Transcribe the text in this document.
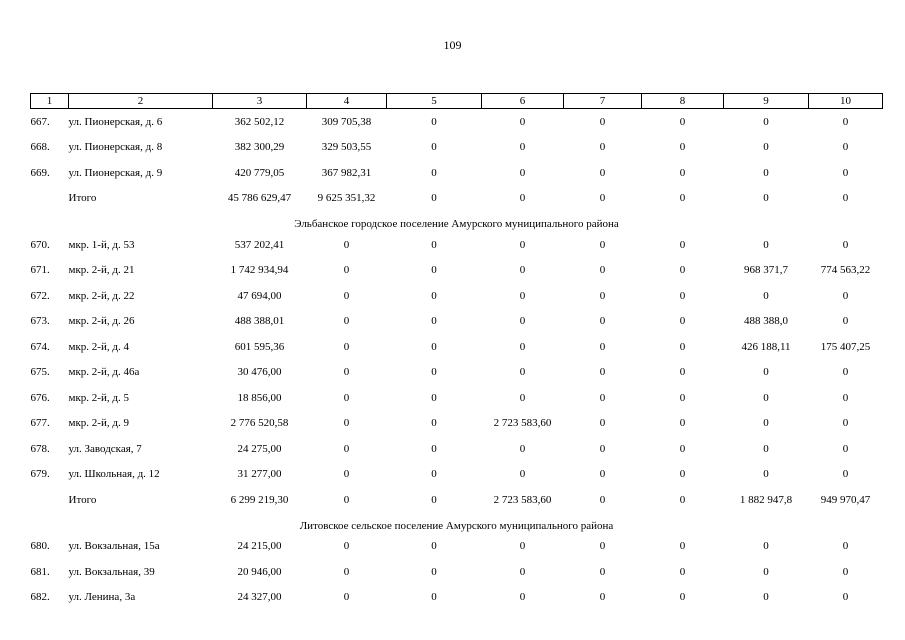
109
1	2	3	4	5	6	7	8	9	10
667.	ул. Пионерская, д. 6	362 502,12	309 705,38	0	0	0	0	0	0
668.	ул. Пионерская, д. 8	382 300,29	329 503,55	0	0	0	0	0	0
669.	ул. Пионерская, д. 9	420 779,05	367 982,31	0	0	0	0	0	0
	Итого	45 786 629,47	9 625 351,32	0	0	0	0	0	0
Эльбанское городское поселение Амурского муниципального района									
670.	мкр. 1-й, д. 53	537 202,41	0	0	0	0	0	0	0
671.	мкр. 2-й, д. 21	1 742 934,94	0	0	0	0	0	968 371,7	774 563,22
672.	мкр. 2-й, д. 22	47 694,00	0	0	0	0	0	0	0
673.	мкр. 2-й, д. 26	488 388,01	0	0	0	0	0	488 388,0	0
674.	мкр. 2-й, д. 4	601 595,36	0	0	0	0	0	426 188,11	175 407,25
675.	мкр. 2-й, д. 46а	30 476,00	0	0	0	0	0	0	0
676.	мкр. 2-й, д. 5	18 856,00	0	0	0	0	0	0	0
677.	мкр. 2-й, д. 9	2 776 520,58	0	0	2 723 583,60	0	0	0	0
678.	ул. Заводская, 7	24 275,00	0	0	0	0	0	0	0
679.	ул. Школьная, д. 12	31 277,00	0	0	0	0	0	0	0
	Итого	6 299 219,30	0	0	2 723 583,60	0	0	1 882 947,8	949 970,47
Литовское сельское поселение Амурского муниципального района									
680.	ул. Вокзальная, 15а	24 215,00	0	0	0	0	0	0	0
681.	ул. Вокзальная, 39	20 946,00	0	0	0	0	0	0	0
682.	ул. Ленина, 3а	24 327,00	0	0	0	0	0	0	0
